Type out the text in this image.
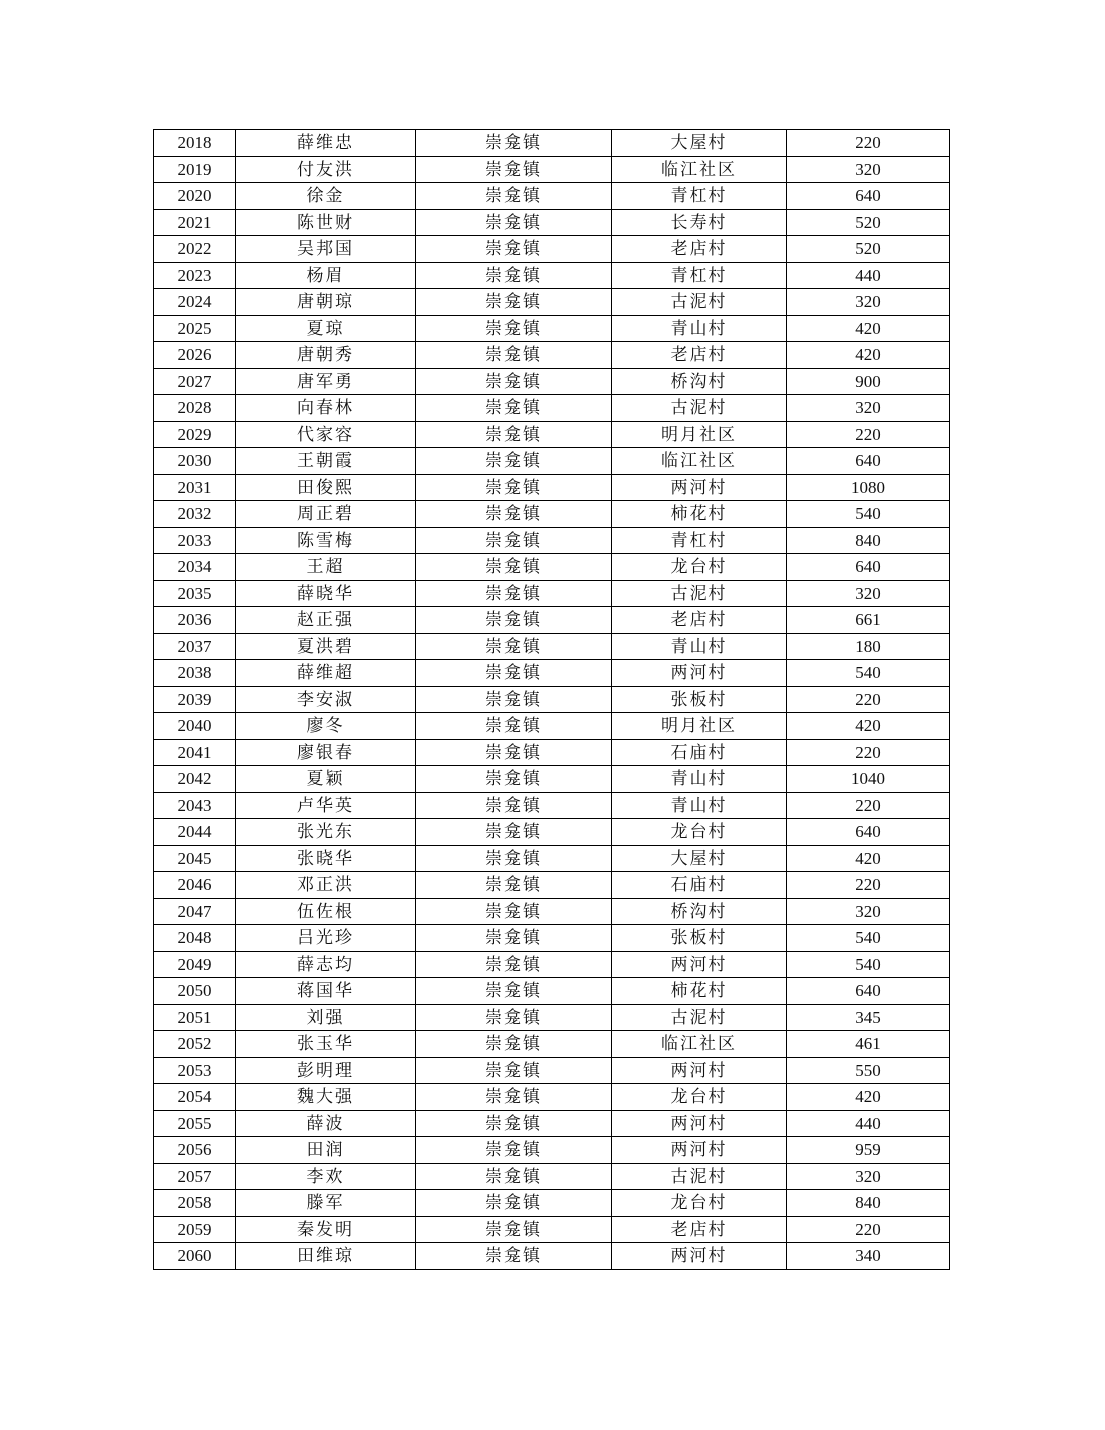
2018	薛维忠	崇龛镇	大屋村	220
2019	付友洪	崇龛镇	临江社区	320
2020	徐金	崇龛镇	青杠村	640
2021	陈世财	崇龛镇	长寿村	520
2022	吴邦国	崇龛镇	老店村	520
2023	杨眉	崇龛镇	青杠村	440
2024	唐朝琼	崇龛镇	古泥村	320
2025	夏琼	崇龛镇	青山村	420
2026	唐朝秀	崇龛镇	老店村	420
2027	唐军勇	崇龛镇	桥沟村	900
2028	向春林	崇龛镇	古泥村	320
2029	代家容	崇龛镇	明月社区	220
2030	王朝霞	崇龛镇	临江社区	640
2031	田俊熙	崇龛镇	两河村	1080
2032	周正碧	崇龛镇	柿花村	540
2033	陈雪梅	崇龛镇	青杠村	840
2034	王超	崇龛镇	龙台村	640
2035	薛晓华	崇龛镇	古泥村	320
2036	赵正强	崇龛镇	老店村	661
2037	夏洪碧	崇龛镇	青山村	180
2038	薛维超	崇龛镇	两河村	540
2039	李安淑	崇龛镇	张板村	220
2040	廖冬	崇龛镇	明月社区	420
2041	廖银春	崇龛镇	石庙村	220
2042	夏颖	崇龛镇	青山村	1040
2043	卢华英	崇龛镇	青山村	220
2044	张光东	崇龛镇	龙台村	640
2045	张晓华	崇龛镇	大屋村	420
2046	邓正洪	崇龛镇	石庙村	220
2047	伍佐根	崇龛镇	桥沟村	320
2048	吕光珍	崇龛镇	张板村	540
2049	薛志均	崇龛镇	两河村	540
2050	蒋国华	崇龛镇	柿花村	640
2051	刘强	崇龛镇	古泥村	345
2052	张玉华	崇龛镇	临江社区	461
2053	彭明理	崇龛镇	两河村	550
2054	魏大强	崇龛镇	龙台村	420
2055	薛波	崇龛镇	两河村	440
2056	田润	崇龛镇	两河村	959
2057	李欢	崇龛镇	古泥村	320
2058	滕军	崇龛镇	龙台村	840
2059	秦发明	崇龛镇	老店村	220
2060	田维琼	崇龛镇	两河村	340
